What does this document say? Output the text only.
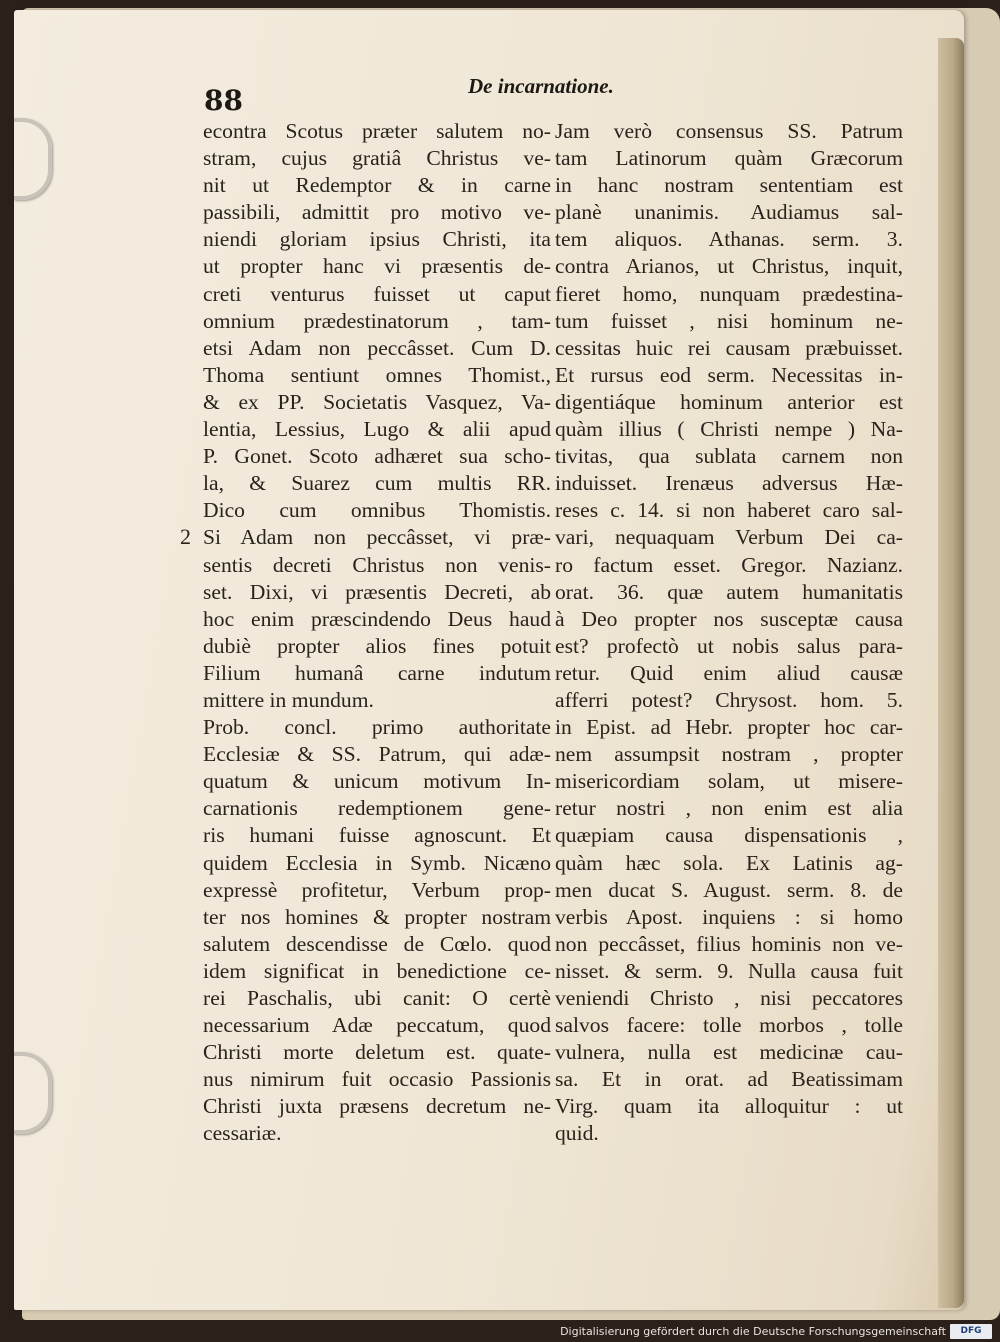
88	De incarnatione.
econtra Scotus præter salutem no-
stram, cujus gratiâ Christus ve-
nit ut Redemptor & in carne
passibili, admittit pro motivo ve-
niendi gloriam ipsius Christi, ita
ut propter hanc vi præsentis de-
creti venturus fuisset ut caput
omnium prædestinatorum , tam-
etsi Adam non peccâsset. Cum D.
Thoma sentiunt omnes Thomist.,
& ex PP. Societatis Vasquez, Va-
lentia, Lessius, Lugo & alii apud
P. Gonet. Scoto adhæret sua scho-
la, & Suarez cum multis RR.
Dico cum omnibus Thomistis.
Si Adam non peccâsset, vi præ-
sentis decreti Christus non venis-
set. Dixi, vi præsentis Decreti, ab
hoc enim præscindendo Deus haud
dubiè propter alios fines potuit
Filium humanâ carne indutum
mittere in mundum.
Prob. concl. primo authoritate
Ecclesiæ & SS. Patrum, qui adæ-
quatum & unicum motivum In-
carnationis redemptionem gene-
ris humani fuisse agnoscunt. Et
quidem Ecclesia in Symb. Nicæno
expressè profitetur, Verbum prop-
ter nos homines & propter nostram
salutem descendisse de Cœlo. quod
idem significat in benedictione ce-
rei Paschalis, ubi canit: O certè
necessarium Adæ peccatum, quod
Christi morte deletum est. quate-
nus nimirum fuit occasio Passionis
Christi juxta præsens decretum ne-
cessariæ.
2
Jam verò consensus SS. Patrum
tam Latinorum quàm Græcorum
in hanc nostram sententiam est
planè unanimis. Audiamus sal-
tem aliquos. Athanas. serm. 3.
contra Arianos, ut Christus, inquit,
fieret homo, nunquam prædestina-
tum fuisset , nisi hominum ne-
cessitas huic rei causam præbuisset.
Et rursus eod serm. Necessitas in-
digentiáque hominum anterior est
quàm illius ( Christi nempe ) Na-
tivitas, qua sublata carnem non
induisset. Irenæus adversus Hæ-
reses c. 14. si non haberet caro sal-
vari, nequaquam Verbum Dei ca-
ro factum esset. Gregor. Nazianz.
orat. 36. quæ autem humanitatis
à Deo propter nos susceptæ causa
est? profectò ut nobis salus para-
retur. Quid enim aliud causæ
afferri potest? Chrysost. hom. 5.
in Epist. ad Hebr. propter hoc car-
nem assumpsit nostram , propter
misericordiam solam, ut misere-
retur nostri , non enim est alia
quæpiam causa dispensationis ,
quàm hæc sola. Ex Latinis ag-
men ducat S. August. serm. 8. de
verbis Apost. inquiens : si homo
non peccâsset, filius hominis non ve-
nisset. & serm. 9. Nulla causa fuit
veniendi Christo , nisi peccatores
salvos facere: tolle morbos , tolle
vulnera, nulla est medicinæ cau-
sa. Et in orat. ad Beatissimam
Virg. quam ita alloquitur : ut
quid.
Digitalisierung gefördert durch die Deutsche Forschungsgemeinschaft	DFG
